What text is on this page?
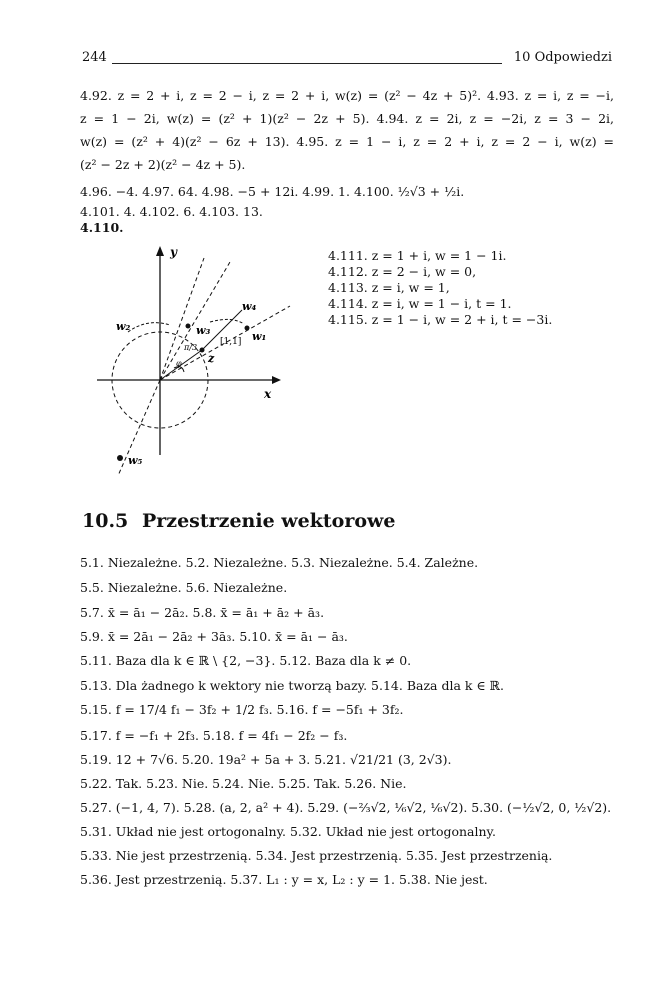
244	10 Odpowiedzi
4.92. z = 2 + i, z = 2 − i, z = 2 + i, w(z) = (z² − 4z + 5)². 4.93. z = i, z = −i,
z = 1 − 2i, w(z) = (z² + 1)(z² − 2z + 5). 4.94. z = 2i, z = −2i, z = 3 − 2i,
w(z) = (z² + 4)(z² − 6z + 13). 4.95. z = 1 − i, z = 2 + i, z = 2 − i, w(z) =
(z² − 2z + 2)(z² − 4z + 5).
4.96. −4. 4.97. 64. 4.98. −5 + 12i. 4.99. 1. 4.100. ½√3 + ½i.
4.101. 4. 4.102. 6. 4.103. 13.
4.110.
4.111. z = 1 + i, w = 1 − 1i.
4.112. z = 2 − i, w = 0,
4.113. z = i, w = 1,
4.114. z = i, w = 1 − i, t = 1.
4.115. z = 1 − i, w = 2 + i, t = −3i.
y
x
w₂	w₃
w₄
w₁
w₅
z
[1,1]
π/3
φ
10.5 Przestrzenie wektorowe
5.1. Niezależne. 5.2. Niezależne. 5.3. Niezależne. 5.4. Zależne.
5.5. Niezależne. 5.6. Niezależne.
5.7. x̄ = ā₁ − 2ā₂. 5.8. x̄ = ā₁ + ā₂ + ā₃.
5.9. x̄ = 2ā₁ − 2ā₂ + 3ā₃. 5.10. x̄ = ā₁ − ā₃.
5.11. Baza dla k ∈ ℝ \ {2, −3}. 5.12. Baza dla k ≠ 0.
5.13. Dla żadnego k wektory nie tworzą bazy. 5.14. Baza dla k ∈ ℝ.
5.15. f = 17/4 f₁ − 3f₂ + 1/2 f₃. 5.16. f = −5f₁ + 3f₂.
5.17. f = −f₁ + 2f₃. 5.18. f = 4f₁ − 2f₂ − f₃.
5.19. 12 + 7√6. 5.20. 19a² + 5a + 3. 5.21. √21/21 (3, 2√3).
5.22. Tak. 5.23. Nie. 5.24. Nie. 5.25. Tak. 5.26. Nie.
5.27. (−1, 4, 7). 5.28. (a, 2, a² + 4). 5.29. (−⅔√2, ⅙√2, ⅙√2). 5.30. (−½√2, 0, ½√2).
5.31. Układ nie jest ortogonalny. 5.32. Układ nie jest ortogonalny.
5.33. Nie jest przestrzenią. 5.34. Jest przestrzenią. 5.35. Jest przestrzenią.
5.36. Jest przestrzenią. 5.37. L₁ : y = x, L₂ : y = 1. 5.38. Nie jest.
